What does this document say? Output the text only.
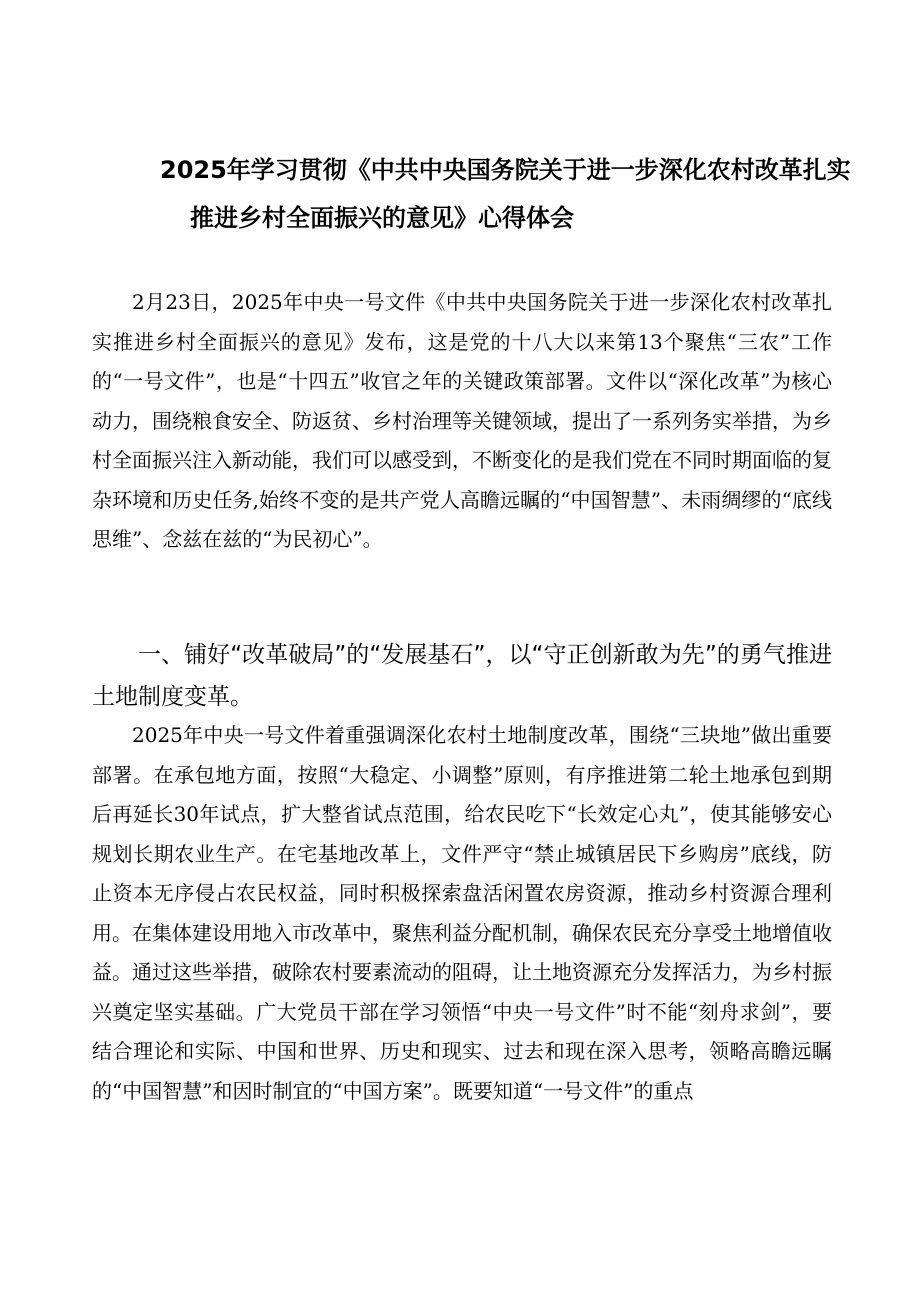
2025年学习贯彻《中共中央国务院关于进一步深化农村改革扎实
推进乡村全面振兴的意见》心得体会
2月23日，2025年中央一号文件《中共中央国务院关于进一步深化农村改革扎实推进乡村全面振兴的意见》发布，这是党的十八大以来第13个聚焦“三农”工作的“一号文件”，也是“十四五”收官之年的关键政策部署。文件以“深化改革”为核心动力，围绕粮食安全、防返贫、乡村治理等关键领域，提出了一系列务实举措，为乡村全面振兴注入新动能，我们可以感受到，不断变化的是我们党在不同时期面临的复杂环境和历史任务,始终不变的是共产党人高瞻远瞩的“中国智慧”、未雨绸缪的“底线思维”、念兹在兹的“为民初心”。
一、铺好“改革破局”的“发展基石”，以“守正创新敢为先”的勇气推进土地制度变革。
2025年中央一号文件着重强调深化农村土地制度改革，围绕“三块地”做出重要部署。在承包地方面，按照“大稳定、小调整”原则，有序推进第二轮土地承包到期后再延长30年试点，扩大整省试点范围，给农民吃下“长效定心丸”，使其能够安心规划长期农业生产。在宅基地改革上，文件严守“禁止城镇居民下乡购房”底线，防止资本无序侵占农民权益，同时积极探索盘活闲置农房资源，推动乡村资源合理利用。在集体建设用地入市改革中，聚焦利益分配机制，确保农民充分享受土地增值收益。通过这些举措，破除农村要素流动的阻碍，让土地资源充分发挥活力，为乡村振兴奠定坚实基础。广大党员干部在学习领悟“中央一号文件”时不能“刻舟求剑”，要结合理论和实际、中国和世界、历史和现实、过去和现在深入思考，领略高瞻远瞩的“中国智慧”和因时制宜的“中国方案”。既要知道“一号文件”的重点
